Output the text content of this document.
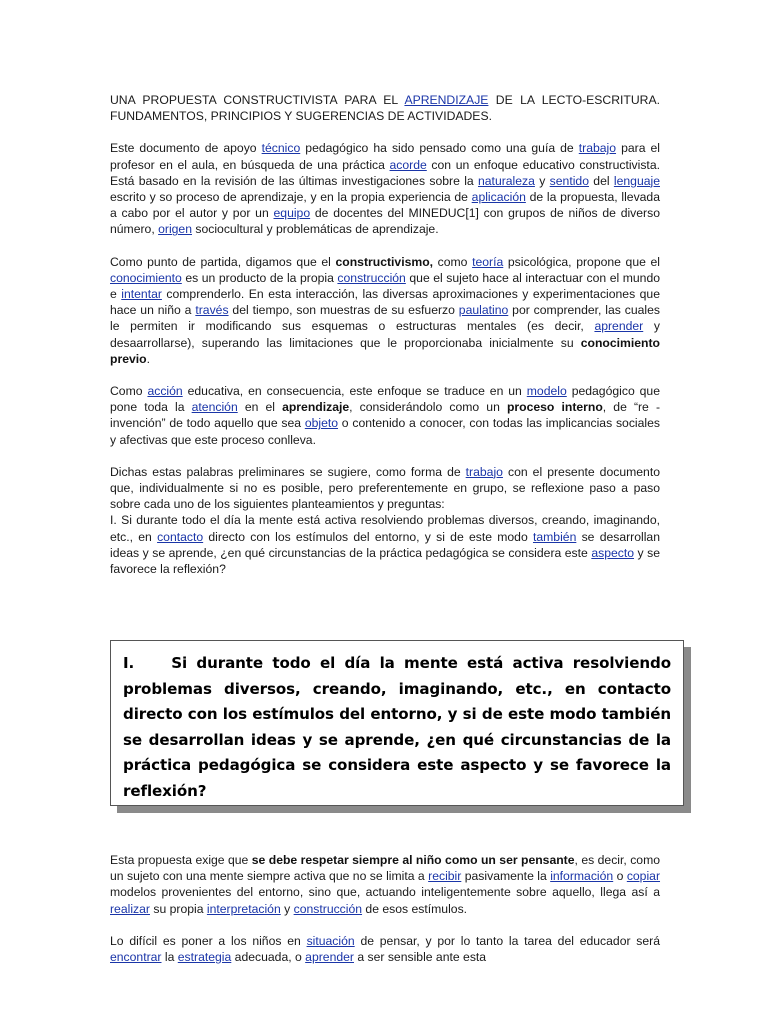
UNA PROPUESTA CONSTRUCTIVISTA PARA EL APRENDIZAJE DE LA LECTO-ESCRITURA. FUNDAMENTOS, PRINCIPIOS Y SUGERENCIAS DE ACTIVIDADES.

Este documento de apoyo técnico pedagógico ha sido pensado como una guía de trabajo para el profesor en el aula, en búsqueda de una práctica acorde con un enfoque educativo constructivista. Está basado en la revisión de las últimas investigaciones sobre la naturaleza y sentido del lenguaje escrito y so proceso de aprendizaje, y en la propia experiencia de aplicación de la propuesta, llevada a cabo por el autor y por un equipo de docentes del MINEDUC[1] con grupos de niños de diverso número, origen sociocultural y problemáticas de aprendizaje.

Como punto de partida, digamos que el constructivismo, como teoría psicológica, propone que el conocimiento es un producto de la propia construcción que el sujeto hace al interactuar con el mundo e intentar comprenderlo. En esta interacción, las diversas aproximaciones y experimentaciones que hace un niño a través del tiempo, son muestras de su esfuerzo paulatino por comprender, las cuales le permiten ir modificando sus esquemas o estructuras mentales (es decir, aprender y desaarrollarse), superando las limitaciones que le proporcionaba inicialmente su conocimiento previo.

Como acción educativa, en consecuencia, este enfoque se traduce en un modelo pedagógico que pone toda la atención en el aprendizaje, considerándolo como un proceso interno, de “re - invención” de todo aquello que sea objeto o contenido a conocer, con todas las implicancias sociales y afectivas que este proceso conlleva.

Dichas estas palabras preliminares se sugiere, como forma de trabajo con el presente documento que, individualmente si no es posible, pero preferentemente en grupo, se reflexione paso a paso sobre cada uno de los siguientes planteamientos y preguntas:

I. Si durante todo el día la mente está activa resolviendo problemas diversos, creando, imaginando, etc., en contacto directo con los estímulos del entorno, y si de este modo también se desarrollan ideas y se aprende, ¿en qué circunstancias de la práctica pedagógica se considera este aspecto y se favorece la reflexión?

I.    Si durante todo el día la mente está activa resolviendo problemas diversos, creando, imaginando, etc., en contacto directo con los estímulos del entorno, y si de este modo también se desarrollan ideas y se aprende, ¿en qué circunstancias de la práctica pedagógica se considera este aspecto y se favorece la reflexión?

Esta propuesta exige que se debe respetar siempre al niño como un ser pensante, es decir, como un sujeto con una mente siempre activa que no se limita a recibir pasivamente la información o copiar modelos provenientes del entorno, sino que, actuando inteligentemente sobre aquello, llega así a realizar su propia interpretación y construcción de esos estímulos.

Lo difícil es poner a los niños en situación de pensar, y por lo tanto la tarea del educador será encontrar la estrategia adecuada, o aprender a ser sensible ante esta
